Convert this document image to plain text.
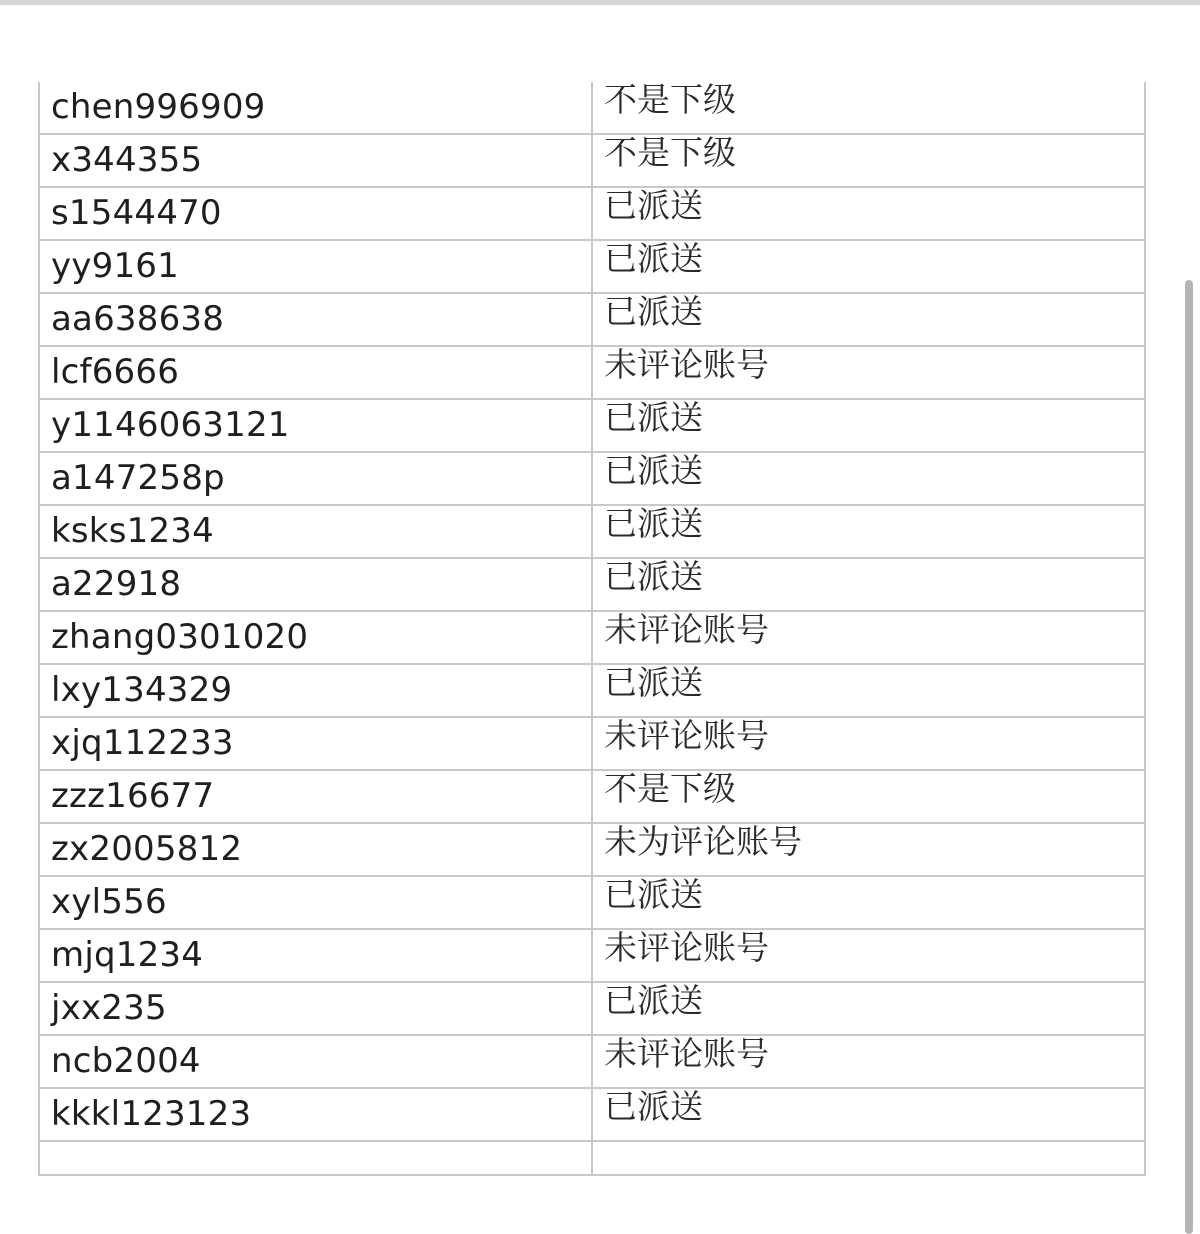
chen996909	不是下级
x344355	不是下级
s1544470	已派送
yy9161	已派送
aa638638	已派送
lcf6666	未评论账号
y1146063121	已派送
a147258p	已派送
ksks1234	已派送
a22918	已派送
zhang0301020	未评论账号
lxy134329	已派送
xjq112233	未评论账号
zzz16677	不是下级
zx2005812	未为评论账号
xyl556	已派送
mjq1234	未评论账号
jxx235	已派送
ncb2004	未评论账号
kkkl123123	已派送
